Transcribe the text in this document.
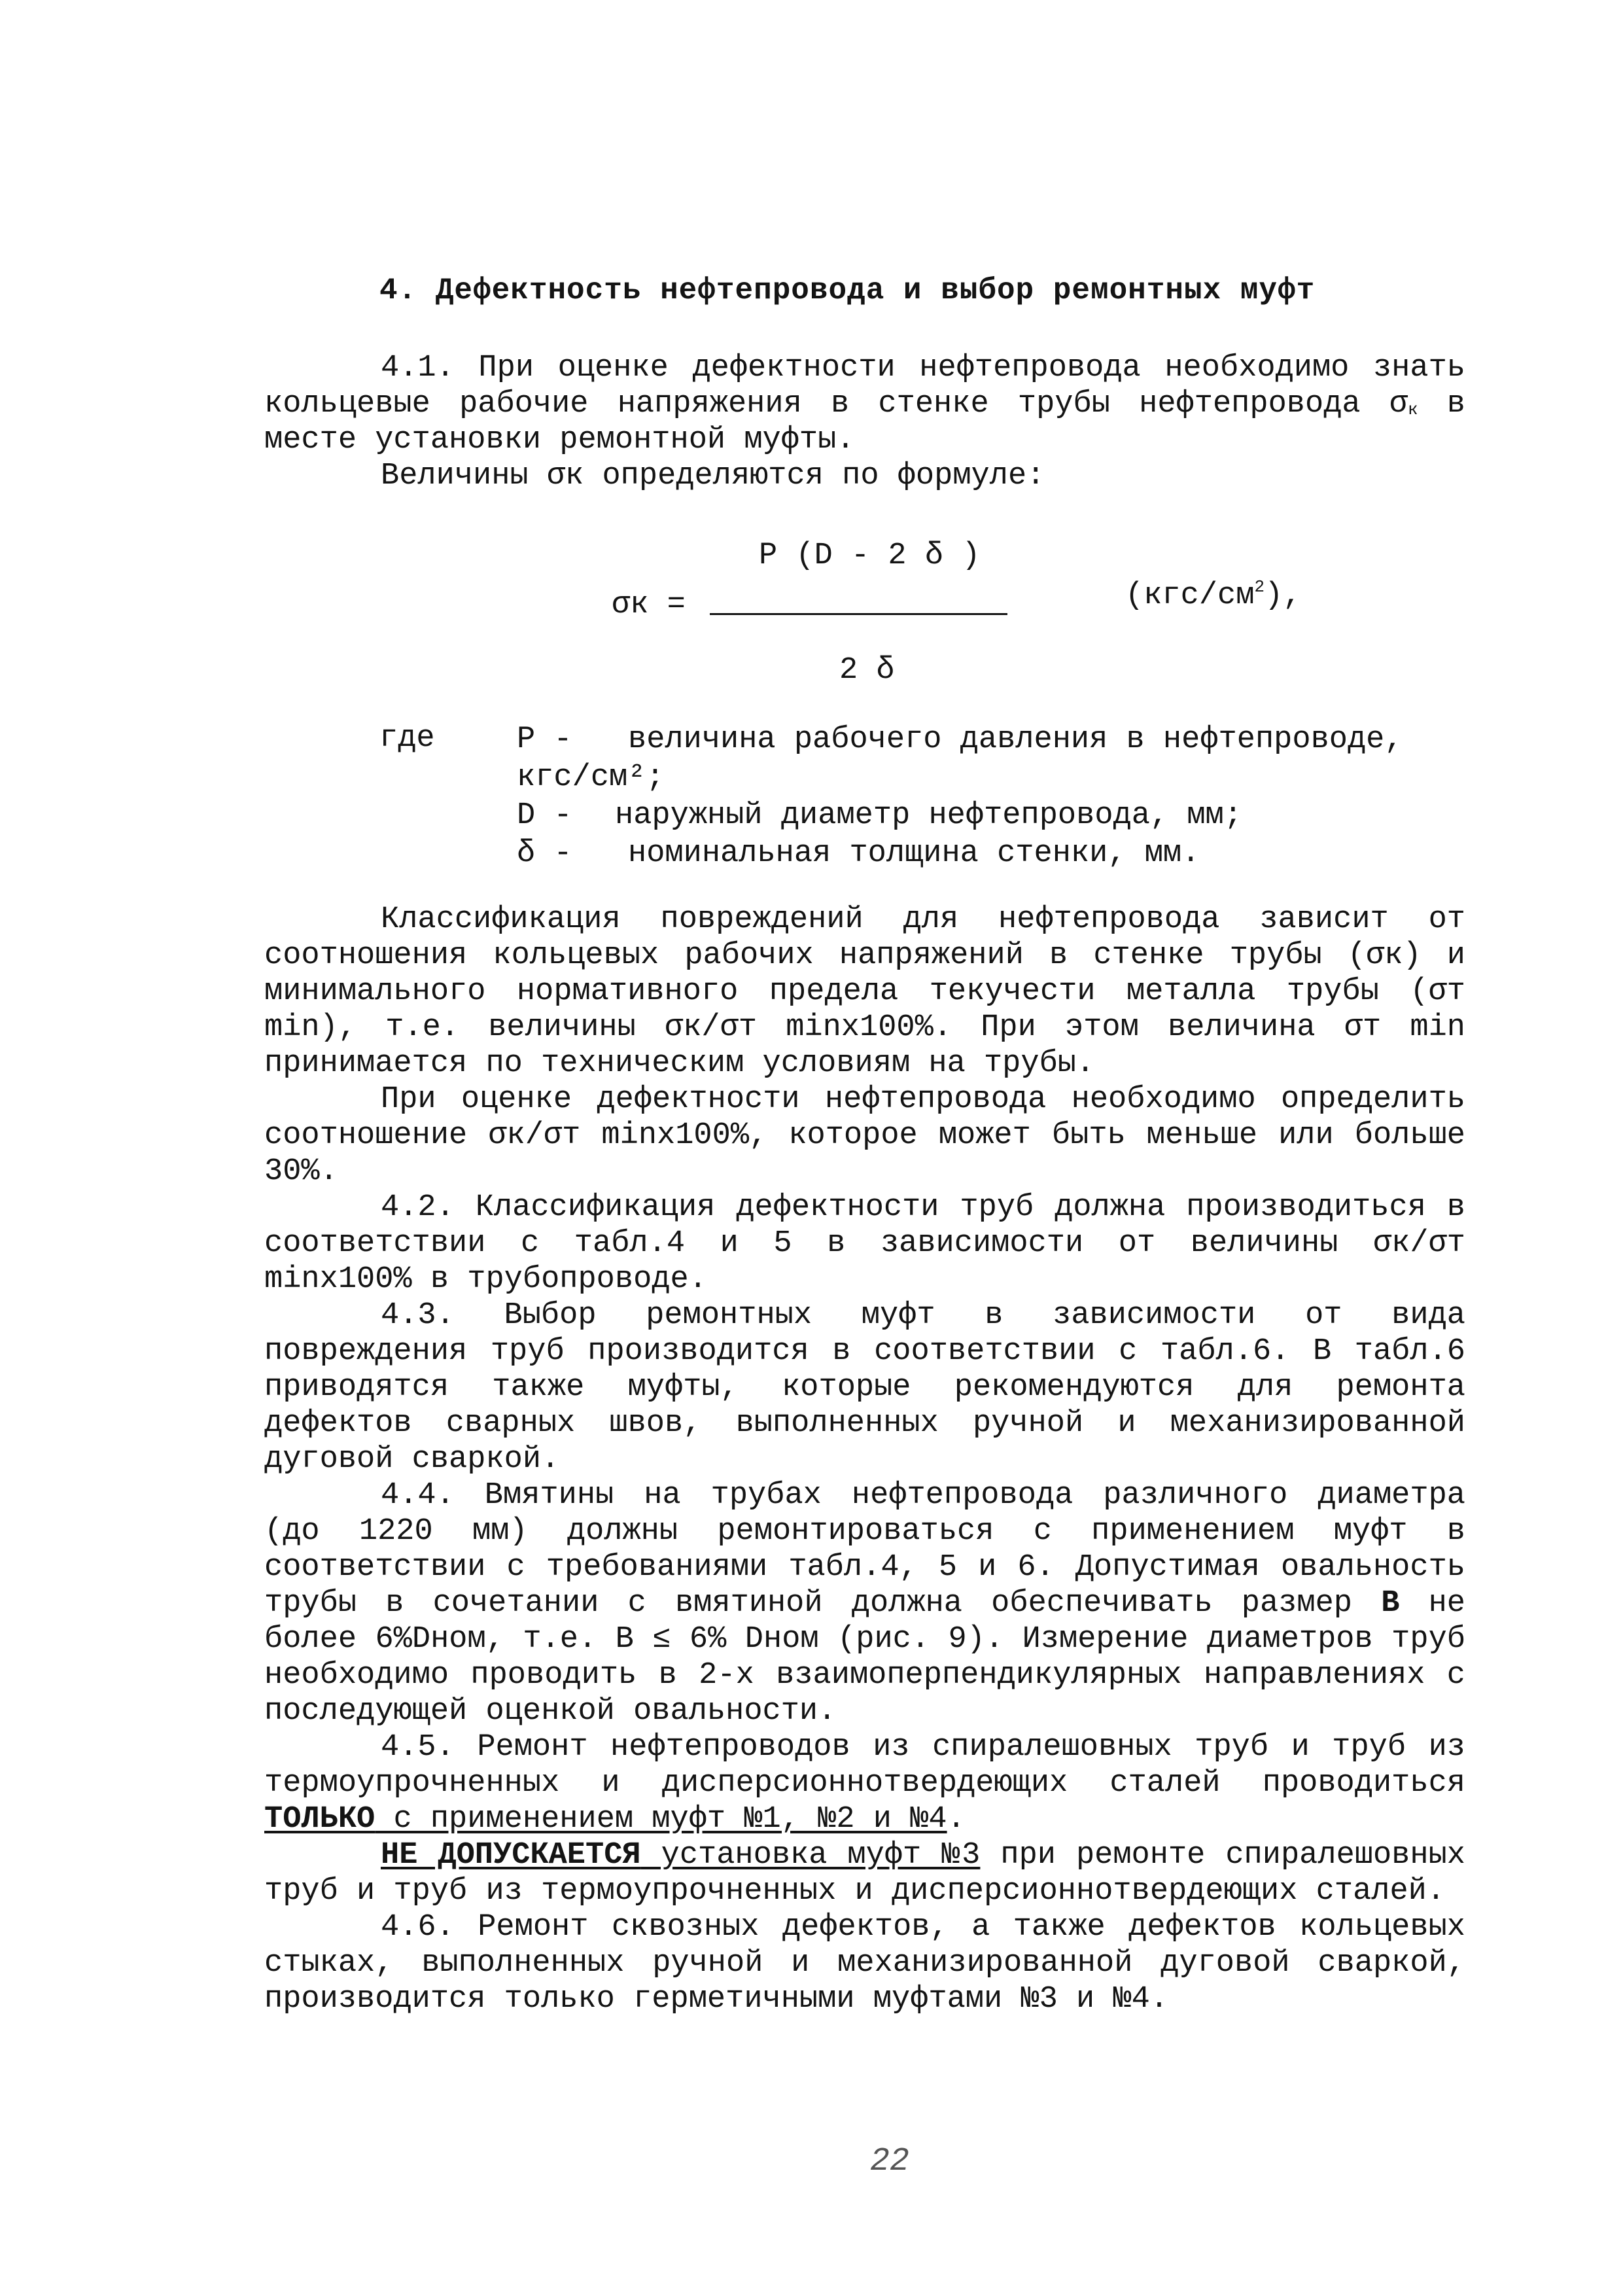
4. Дефектность нефтепровода и выбор ремонтных муфт

4.1. При оценке дефектности нефтепровода необходимо знать кольцевые рабочие напряжения в стенке трубы нефтепровода $\sigma_к$ в месте установки ремонтной муфты.

Величины σк определяются по формуле:

P (D - 2 δ )
σк =	$(кгс/см^2)$,
2 δ
где	P - величина рабочего давления в нефтепроводе,
кгс/см²;
D - наружный диаметр нефтепровода, мм;
δ - номинальная толщина стенки, мм.

Классификация повреждений для нефтепровода зависит от соотношения кольцевых рабочих напряжений в стенке трубы (σк) и минимального нормативного предела текучести металла трубы (σт min), т.е. величины σк/σт minх100%. При этом величина σт min принимается по техническим условиям на трубы.

При оценке дефектности нефтепровода необходимо определить соотношение σк/σт minх100%, которое может быть меньше или больше 30%.

4.2. Классификация дефектности труб должна производиться в соответствии с табл.4 и 5 в зависимости от величины σк/σт minх100% в трубопроводе.

4.3. Выбор ремонтных муфт в зависимости от вида повреждения труб производится в соответствии с табл.6. В табл.6 приводятся также муфты, которые рекомендуются для ремонта дефектов сварных швов, выполненных ручной и механизированной дуговой сваркой.

4.4. Вмятины на трубах нефтепровода различного диаметра (до 1220 мм) должны ремонтироваться с применением муфт в соответствии с требованиями табл.4, 5 и 6. Допустимая овальность трубы в сочетании с вмятиной должна обеспечивать размер В не более 6%Dном, т.е. В ≤ 6% Dном (рис. 9). Измерение диаметров труб необходимо проводить в 2-х взаимоперпендикулярных направлениях с последующей оценкой овальности.

4.5. Ремонт нефтепроводов из спиралешовных труб и труб из термоупрочненных и дисперсионнотвердеющих сталей проводиться ТОЛЬКО с применением муфт №1, №2 и №4.

НЕ ДОПУСКАЕТСЯ установка муфт №3 при ремонте спиралешовных труб и труб из термоупрочненных и дисперсионнотвердеющих сталей.

4.6. Ремонт сквозных дефектов, а также дефектов кольцевых стыках, выполненных ручной и механизированной дуговой сваркой, производится только герметичными муфтами №3 и №4.

22
